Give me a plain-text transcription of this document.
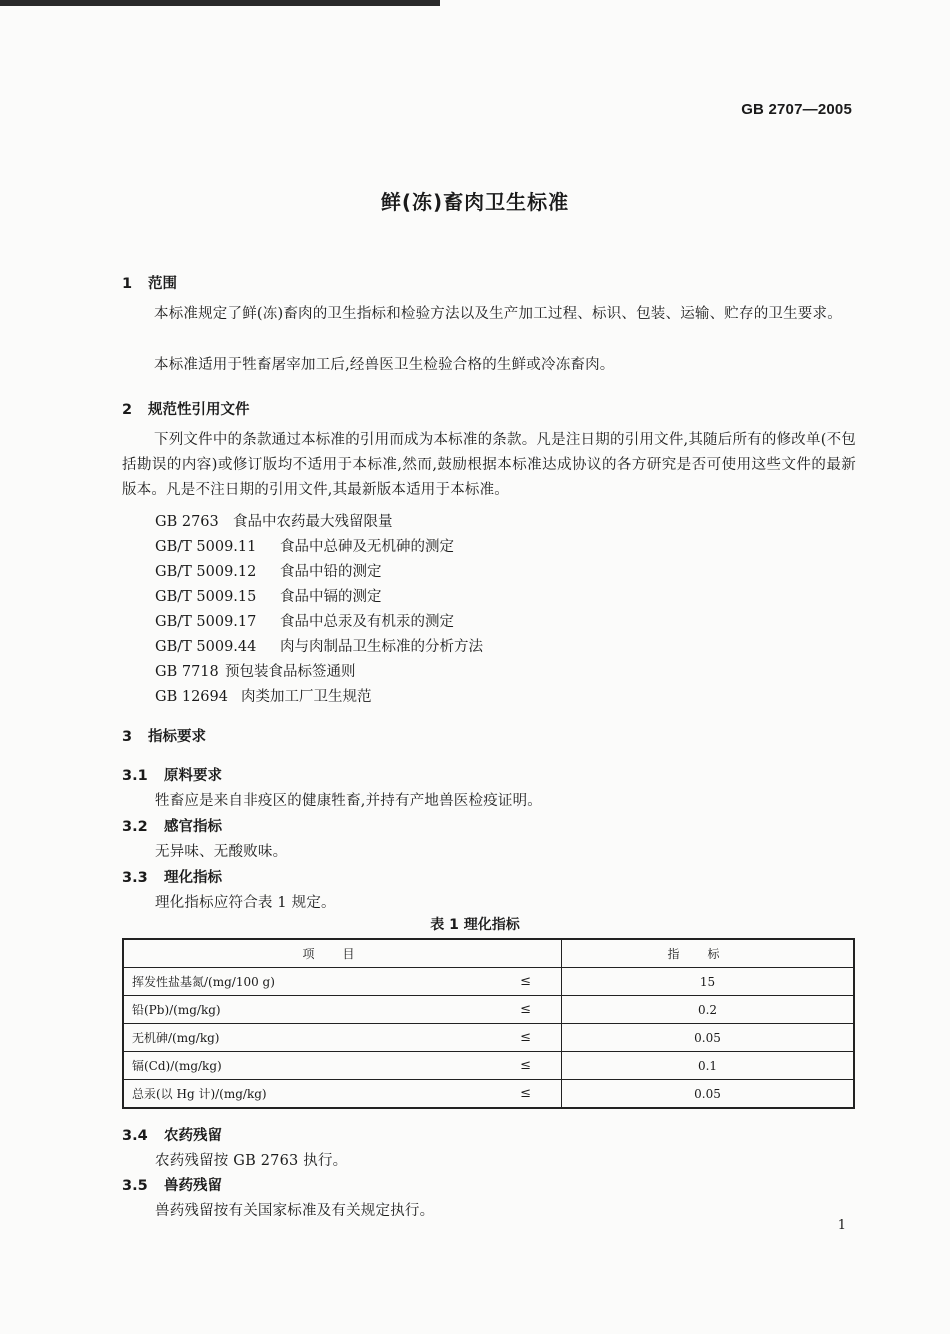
GB 2707—2005
鲜(冻)畜肉卫生标准
1 范围
本标准规定了鲜(冻)畜肉的卫生指标和检验方法以及生产加工过程、标识、包装、运输、贮存的卫生要求。
本标准适用于牲畜屠宰加工后,经兽医卫生检验合格的生鲜或冷冻畜肉。
2 规范性引用文件
下列文件中的条款通过本标准的引用而成为本标准的条款。凡是注日期的引用文件,其随后所有的修改单(不包括勘误的内容)或修订版均不适用于本标准,然而,鼓励根据本标准达成协议的各方研究是否可使用这些文件的最新版本。凡是不注日期的引用文件,其最新版本适用于本标准。
GB 2763 食品中农药最大残留限量
GB/T 5009.11 食品中总砷及无机砷的测定
GB/T 5009.12 食品中铅的测定
GB/T 5009.15 食品中镉的测定
GB/T 5009.17 食品中总汞及有机汞的测定
GB/T 5009.44 肉与肉制品卫生标准的分析方法
GB 7718 预包装食品标签通则
GB 12694 肉类加工厂卫生规范
3 指标要求
3.1 原料要求
牲畜应是来自非疫区的健康牲畜,并持有产地兽医检疫证明。
3.2 感官指标
无异味、无酸败味。
3.3 理化指标
理化指标应符合表 1 规定。
表 1 理化指标
项目	指标
挥发性盐基氮/(mg/100 g) ≤	15
铅(Pb)/(mg/kg) ≤	0.2
无机砷/(mg/kg) ≤	0.05
镉(Cd)/(mg/kg) ≤	0.1
总汞(以 Hg 计)/(mg/kg) ≤	0.05
3.4 农药残留
农药残留按 GB 2763 执行。
3.5 兽药残留
兽药残留按有关国家标准及有关规定执行。
1
